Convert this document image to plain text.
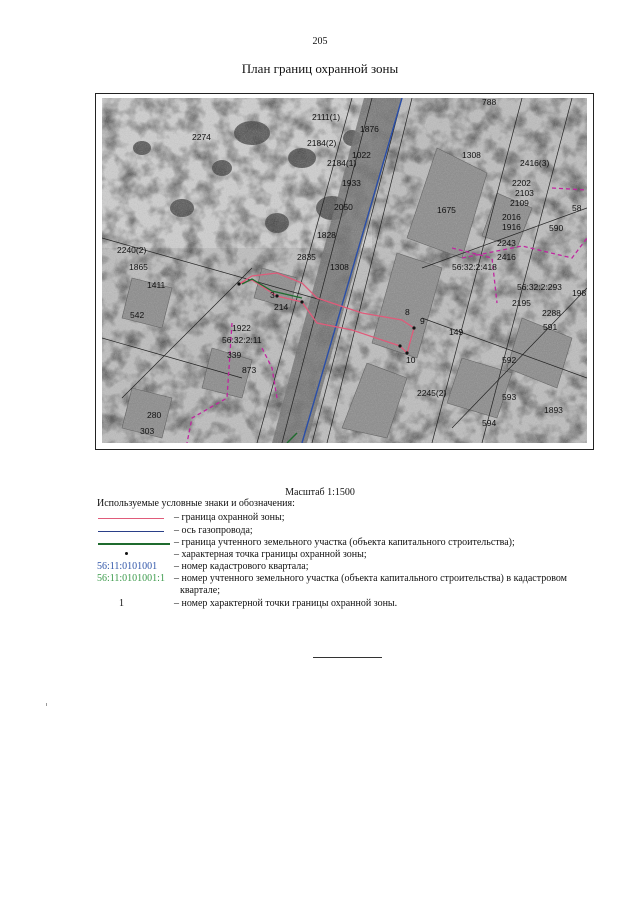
205
План границ охранной зоны
788
2274
2111(1)
1876
2184(2)
1022
2184(1)
1933
1308
2416(3)
2202
2103
2109	58
2050	1675
2016
590
1828
1916
2240(2)
1865
2835
1308
2243
56:32:2:418
2416
1411	56:32:2:293
198
542
3
2195
2288
214	8
9
1922	149	591
56:32:2:11
339	10	592
873
2245(2)	593
1893
280
594
303
Масштаб 1:1500
Используемые условные знаки и обозначения:
– граница охранной зоны;
– ось газопровода;
– граница учтенного земельного участка (объекта капитального строительства);
– характерная точка границы охранной зоны;
56:11:0101001 – номер кадастрового квартала;
56:11:0101001:1 – номер учтенного земельного участка (объекта капитального строительства) в кадастровом квартале;
1	– номер характерной точки границы охранной зоны.
